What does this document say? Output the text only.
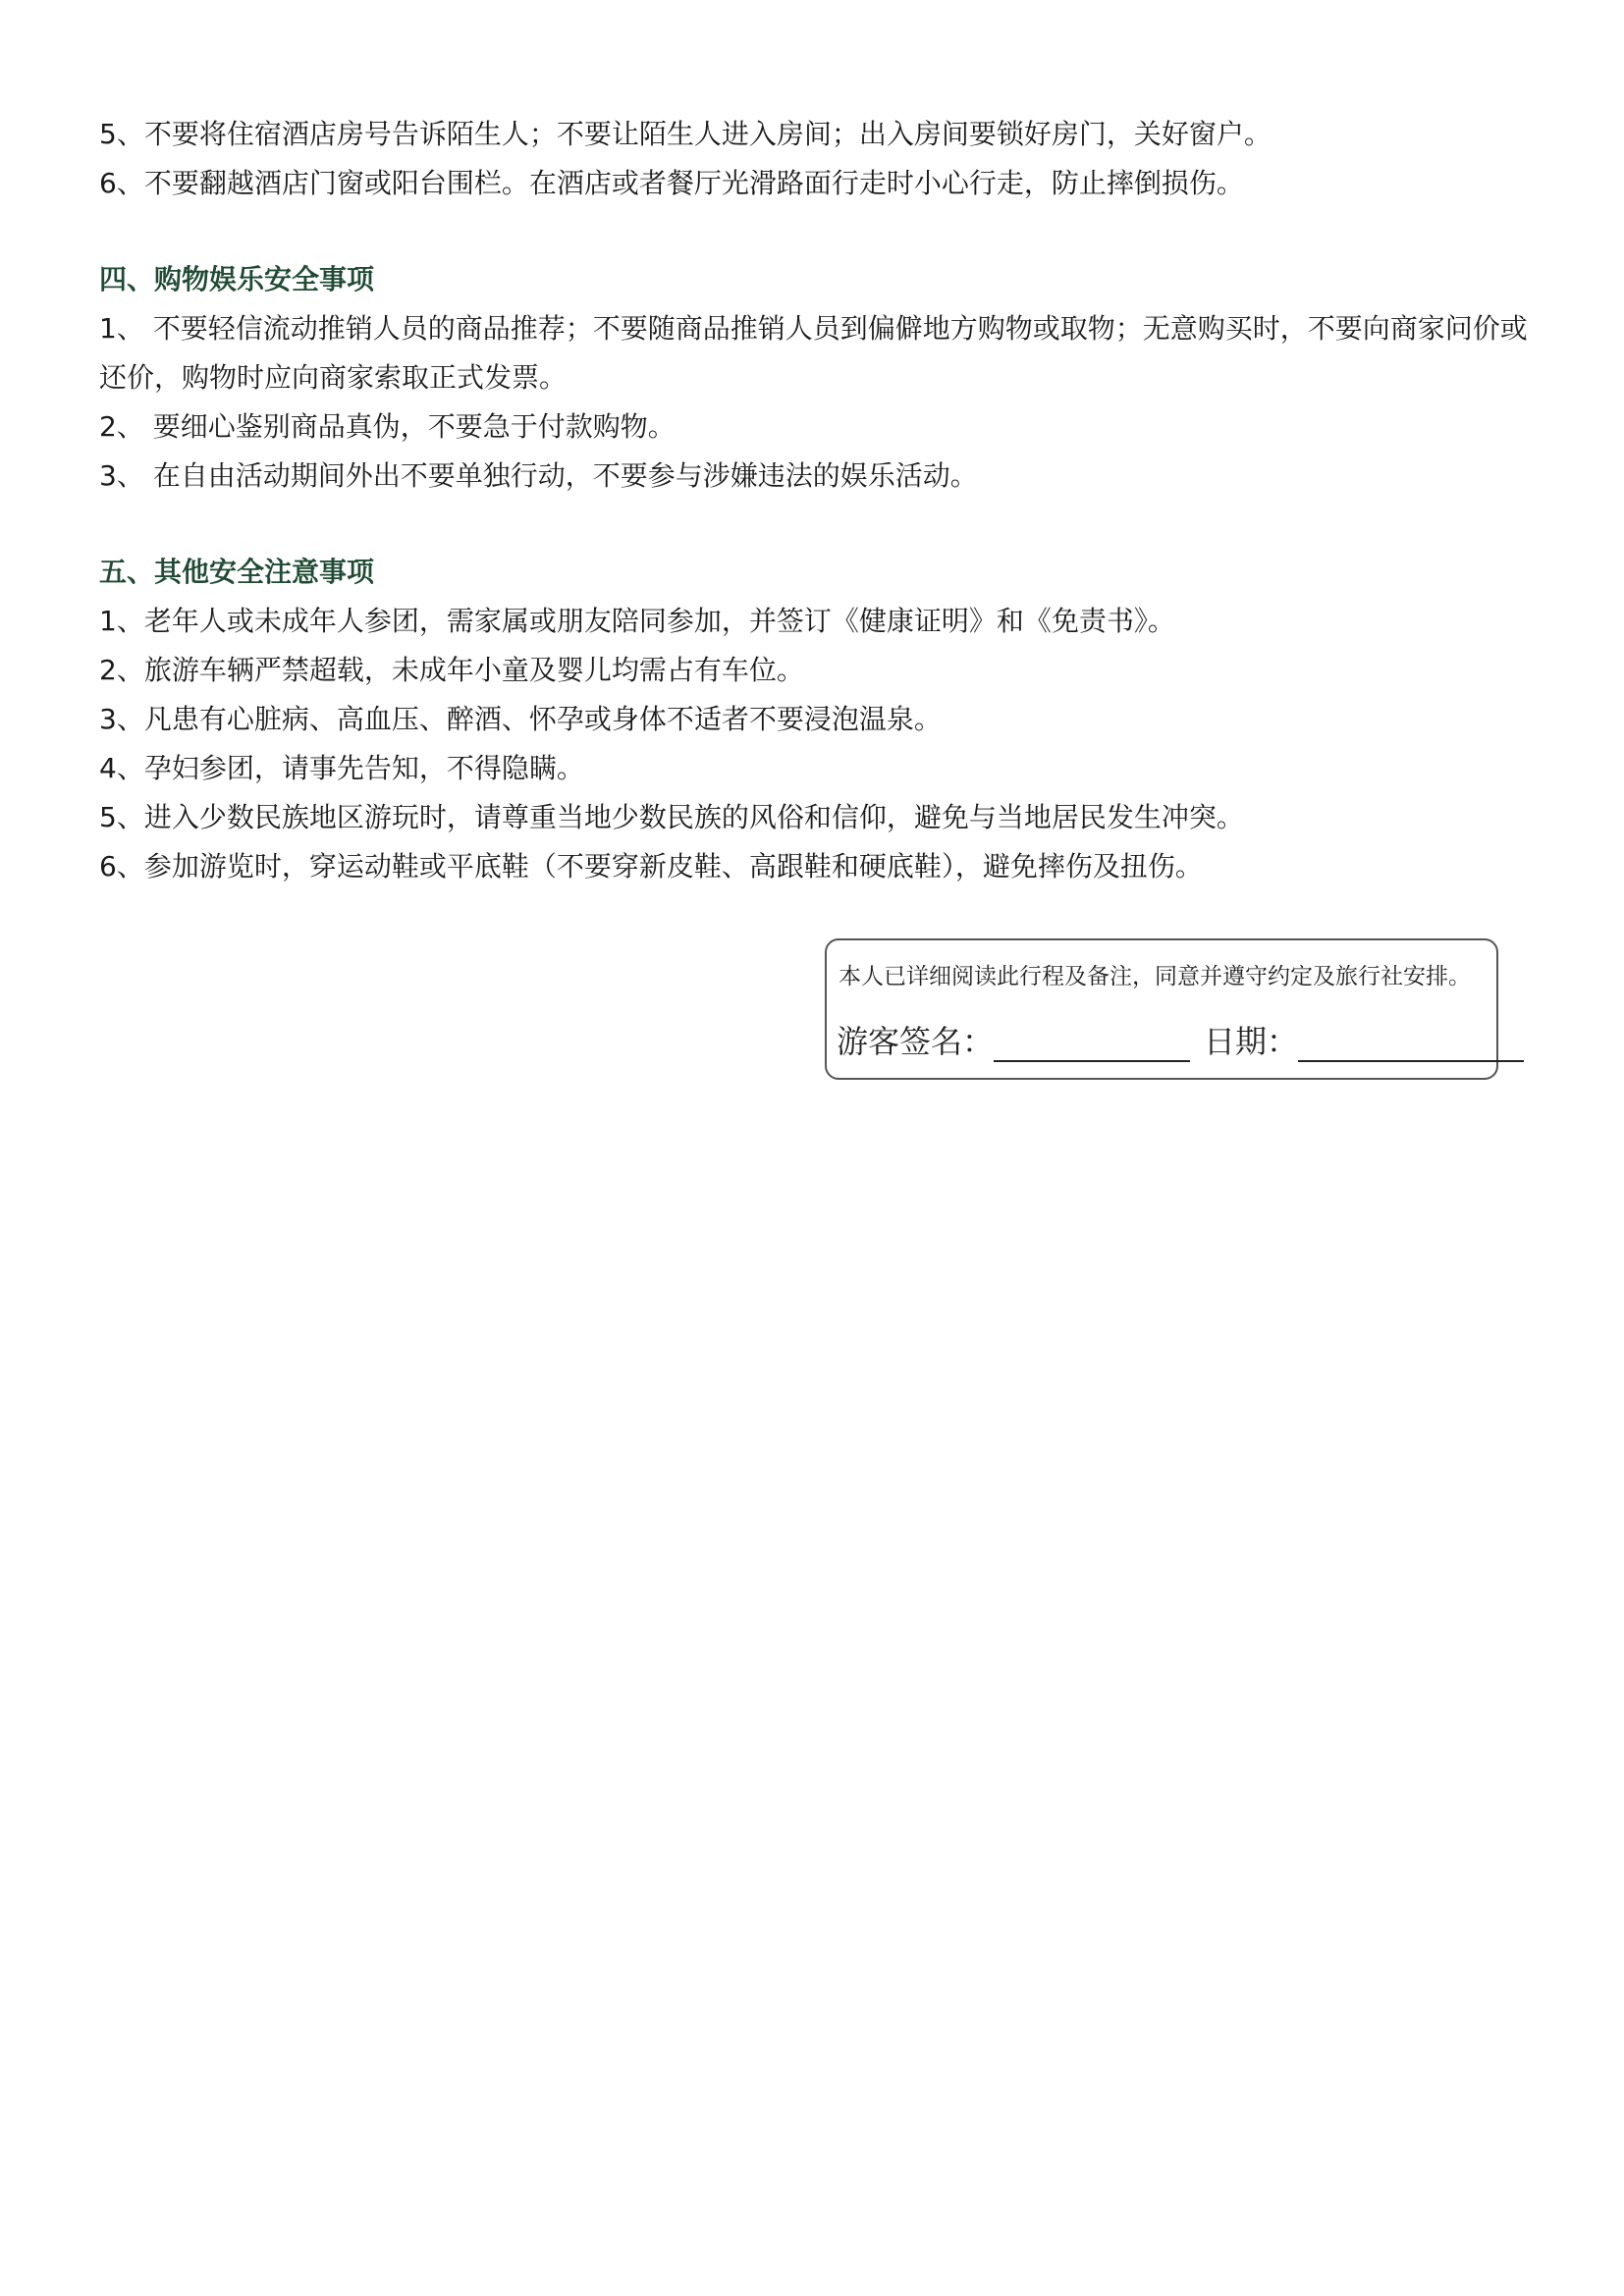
5、不要将住宿酒店房号告诉陌生人；不要让陌生人进入房间；出入房间要锁好房门，关好窗户。

6、不要翻越酒店门窗或阳台围栏。在酒店或者餐厅光滑路面行走时小心行走，防止摔倒损伤。

四、购物娱乐安全事项

1、 不要轻信流动推销人员的商品推荐；不要随商品推销人员到偏僻地方购物或取物；无意购买时，不要向商家问价或还价，购物时应向商家索取正式发票。

2、 要细心鉴别商品真伪，不要急于付款购物。

3、 在自由活动期间外出不要单独行动，不要参与涉嫌违法的娱乐活动。

五、其他安全注意事项

1、老年人或未成年人参团，需家属或朋友陪同参加，并签订《健康证明》和《免责书》。

2、旅游车辆严禁超载，未成年小童及婴儿均需占有车位。

3、凡患有心脏病、高血压、醉酒、怀孕或身体不适者不要浸泡温泉。

4、孕妇参团，请事先告知，不得隐瞒。

5、进入少数民族地区游玩时，请尊重当地少数民族的风俗和信仰，避免与当地居民发生冲突。

6、参加游览时，穿运动鞋或平底鞋（不要穿新皮鞋、高跟鞋和硬底鞋），避免摔伤及扭伤。

本人已详细阅读此行程及备注，同意并遵守约定及旅行社安排。
游客签名：	日期：
